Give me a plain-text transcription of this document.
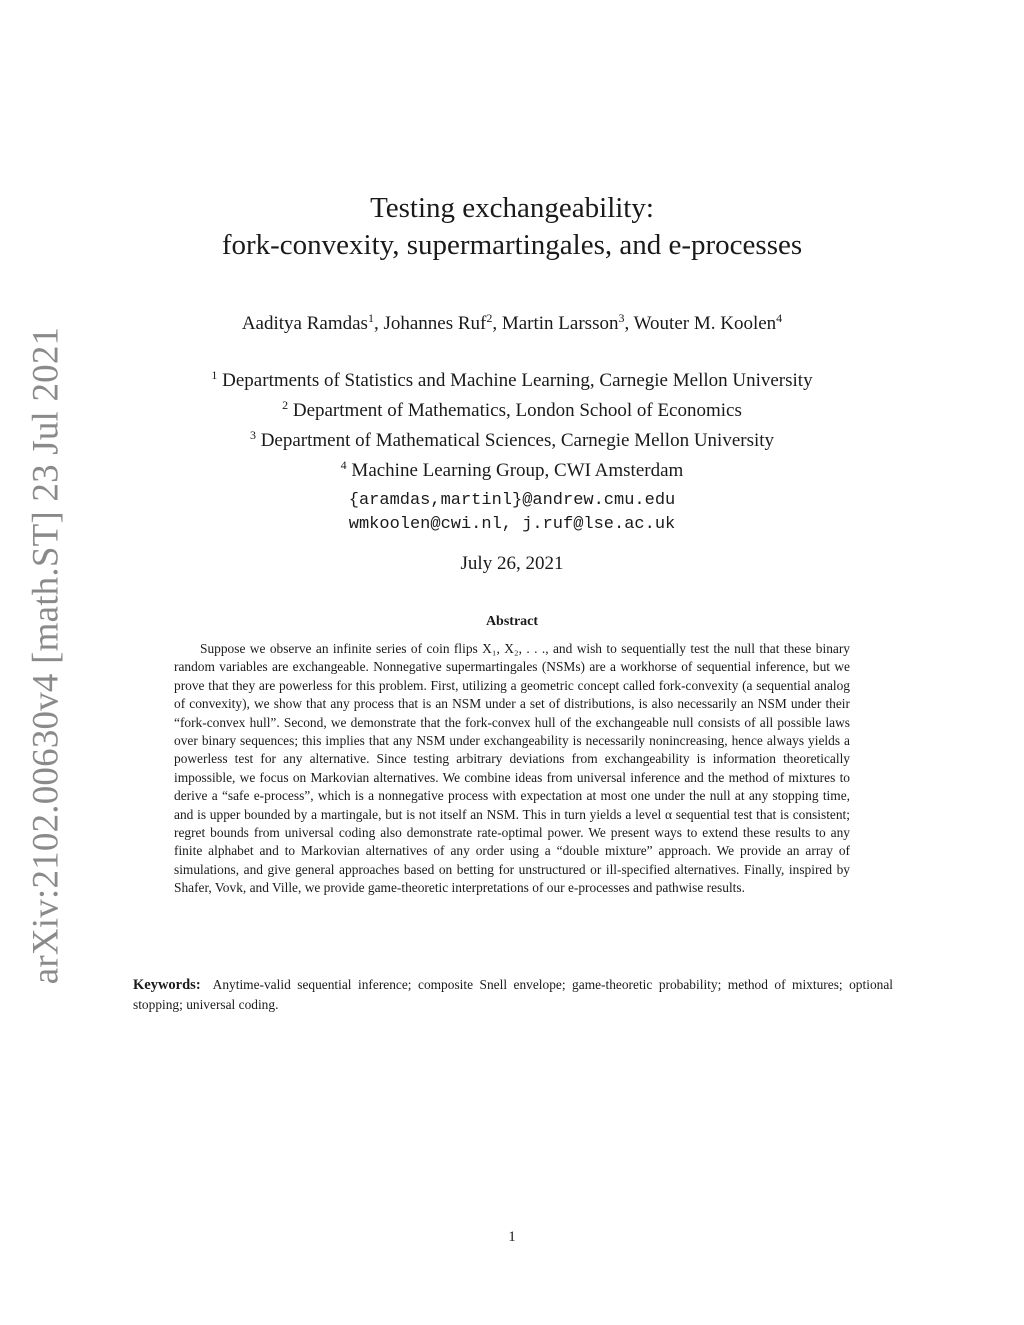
arXiv:2102.00630v4 [math.ST] 23 Jul 2021
Testing exchangeability:
fork-convexity, supermartingales, and e-processes
Aaditya Ramdas$^1$, Johannes Ruf$^2$, Martin Larsson$^3$, Wouter M. Koolen$^4$
$^1$ Departments of Statistics and Machine Learning, Carnegie Mellon University
$^2$ Department of Mathematics, London School of Economics
$^3$ Department of Mathematical Sciences, Carnegie Mellon University
$^4$ Machine Learning Group, CWI Amsterdam
{aramdas,martinl}@andrew.cmu.edu
wmkoolen@cwi.nl, j.ruf@lse.ac.uk
July 26, 2021
Abstract
Suppose we observe an infinite series of coin flips X₁, X₂, . . ., and wish to sequentially test the null that these binary random variables are exchangeable. Nonnegative supermartingales (NSMs) are a workhorse of sequential inference, but we prove that they are powerless for this problem. First, utilizing a geometric concept called fork-convexity (a sequential analog of convexity), we show that any process that is an NSM under a set of distributions, is also necessarily an NSM under their “fork-convex hull”. Second, we demonstrate that the fork-convex hull of the exchangeable null consists of all possible laws over binary sequences; this implies that any NSM under exchangeability is necessarily nonincreasing, hence always yields a powerless test for any alternative. Since testing arbitrary deviations from exchangeability is information theoretically impossible, we focus on Markovian alternatives. We combine ideas from universal inference and the method of mixtures to derive a “safe e-process”, which is a nonnegative process with expectation at most one under the null at any stopping time, and is upper bounded by a martingale, but is not itself an NSM. This in turn yields a level α sequential test that is consistent; regret bounds from universal coding also demonstrate rate-optimal power. We present ways to extend these results to any finite alphabet and to Markovian alternatives of any order using a “double mixture” approach. We provide an array of simulations, and give general approaches based on betting for unstructured or ill-specified alternatives. Finally, inspired by Shafer, Vovk, and Ville, we provide game-theoretic interpretations of our e-processes and pathwise results.
Keywords: Anytime-valid sequential inference; composite Snell envelope; game-theoretic probability; method of mixtures; optional stopping; universal coding.
1
